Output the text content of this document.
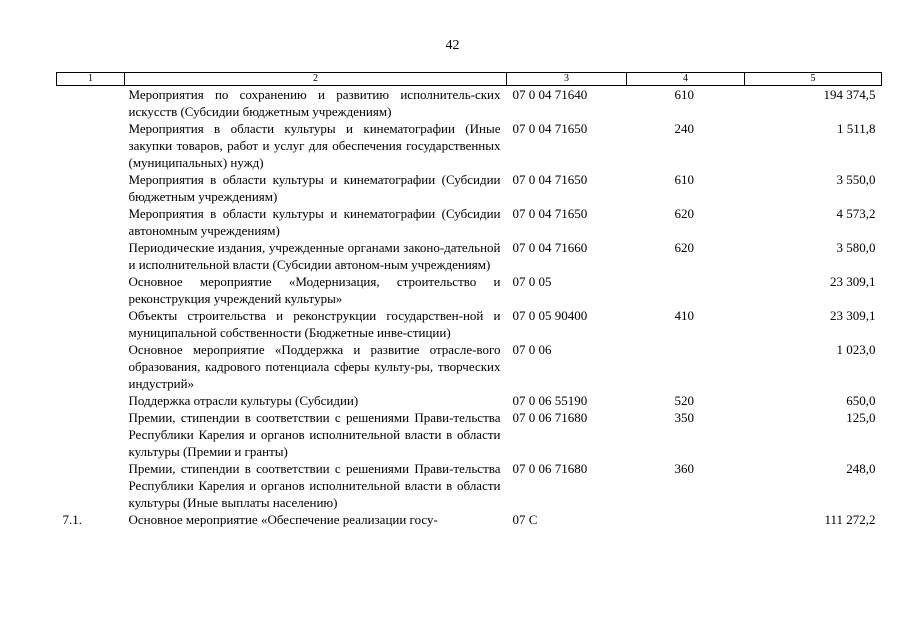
42
1	2	3	4	5
	Мероприятия по сохранению и развитию исполнитель-ских искусств (Субсидии бюджетным учреждениям)	07 0 04 71640	610	194 374,5
	Мероприятия в области культуры и кинематографии (Иные закупки товаров, работ и услуг для обеспечения государственных (муниципальных) нужд)	07 0 04 71650	240	1 511,8
	Мероприятия в области культуры и кинематографии (Субсидии бюджетным учреждениям)	07 0 04 71650	610	3 550,0
	Мероприятия в области культуры и кинематографии (Субсидии автономным учреждениям)	07 0 04 71650	620	4 573,2
	Периодические издания, учрежденные органами законо-дательной и исполнительной власти (Субсидии автоном-ным учреждениям)	07 0 04 71660	620	3 580,0
	Основное мероприятие «Модернизация, строительство и реконструкция учреждений культуры»	07 0 05		23 309,1
	Объекты строительства и реконструкции государствен-ной и муниципальной собственности (Бюджетные инве-стиции)	07 0 05 90400	410	23 309,1
	Основное мероприятие «Поддержка и развитие отрасле-вого образования, кадрового потенциала сферы культу-ры, творческих индустрий»	07 0 06		1 023,0
	Поддержка отрасли культуры (Субсидии)	07 0 06 55190	520	650,0
	Премии, стипендии в соответствии с решениями Прави-тельства Республики Карелия и органов исполнительной власти в области культуры (Премии и гранты)	07 0 06 71680	350	125,0
	Премии, стипендии в соответствии с решениями Прави-тельства Республики Карелия и органов исполнительной власти в области культуры (Иные выплаты населению)	07 0 06 71680	360	248,0
7.1.	Основное мероприятие «Обеспечение реализации госу-	07 С		111 272,2
